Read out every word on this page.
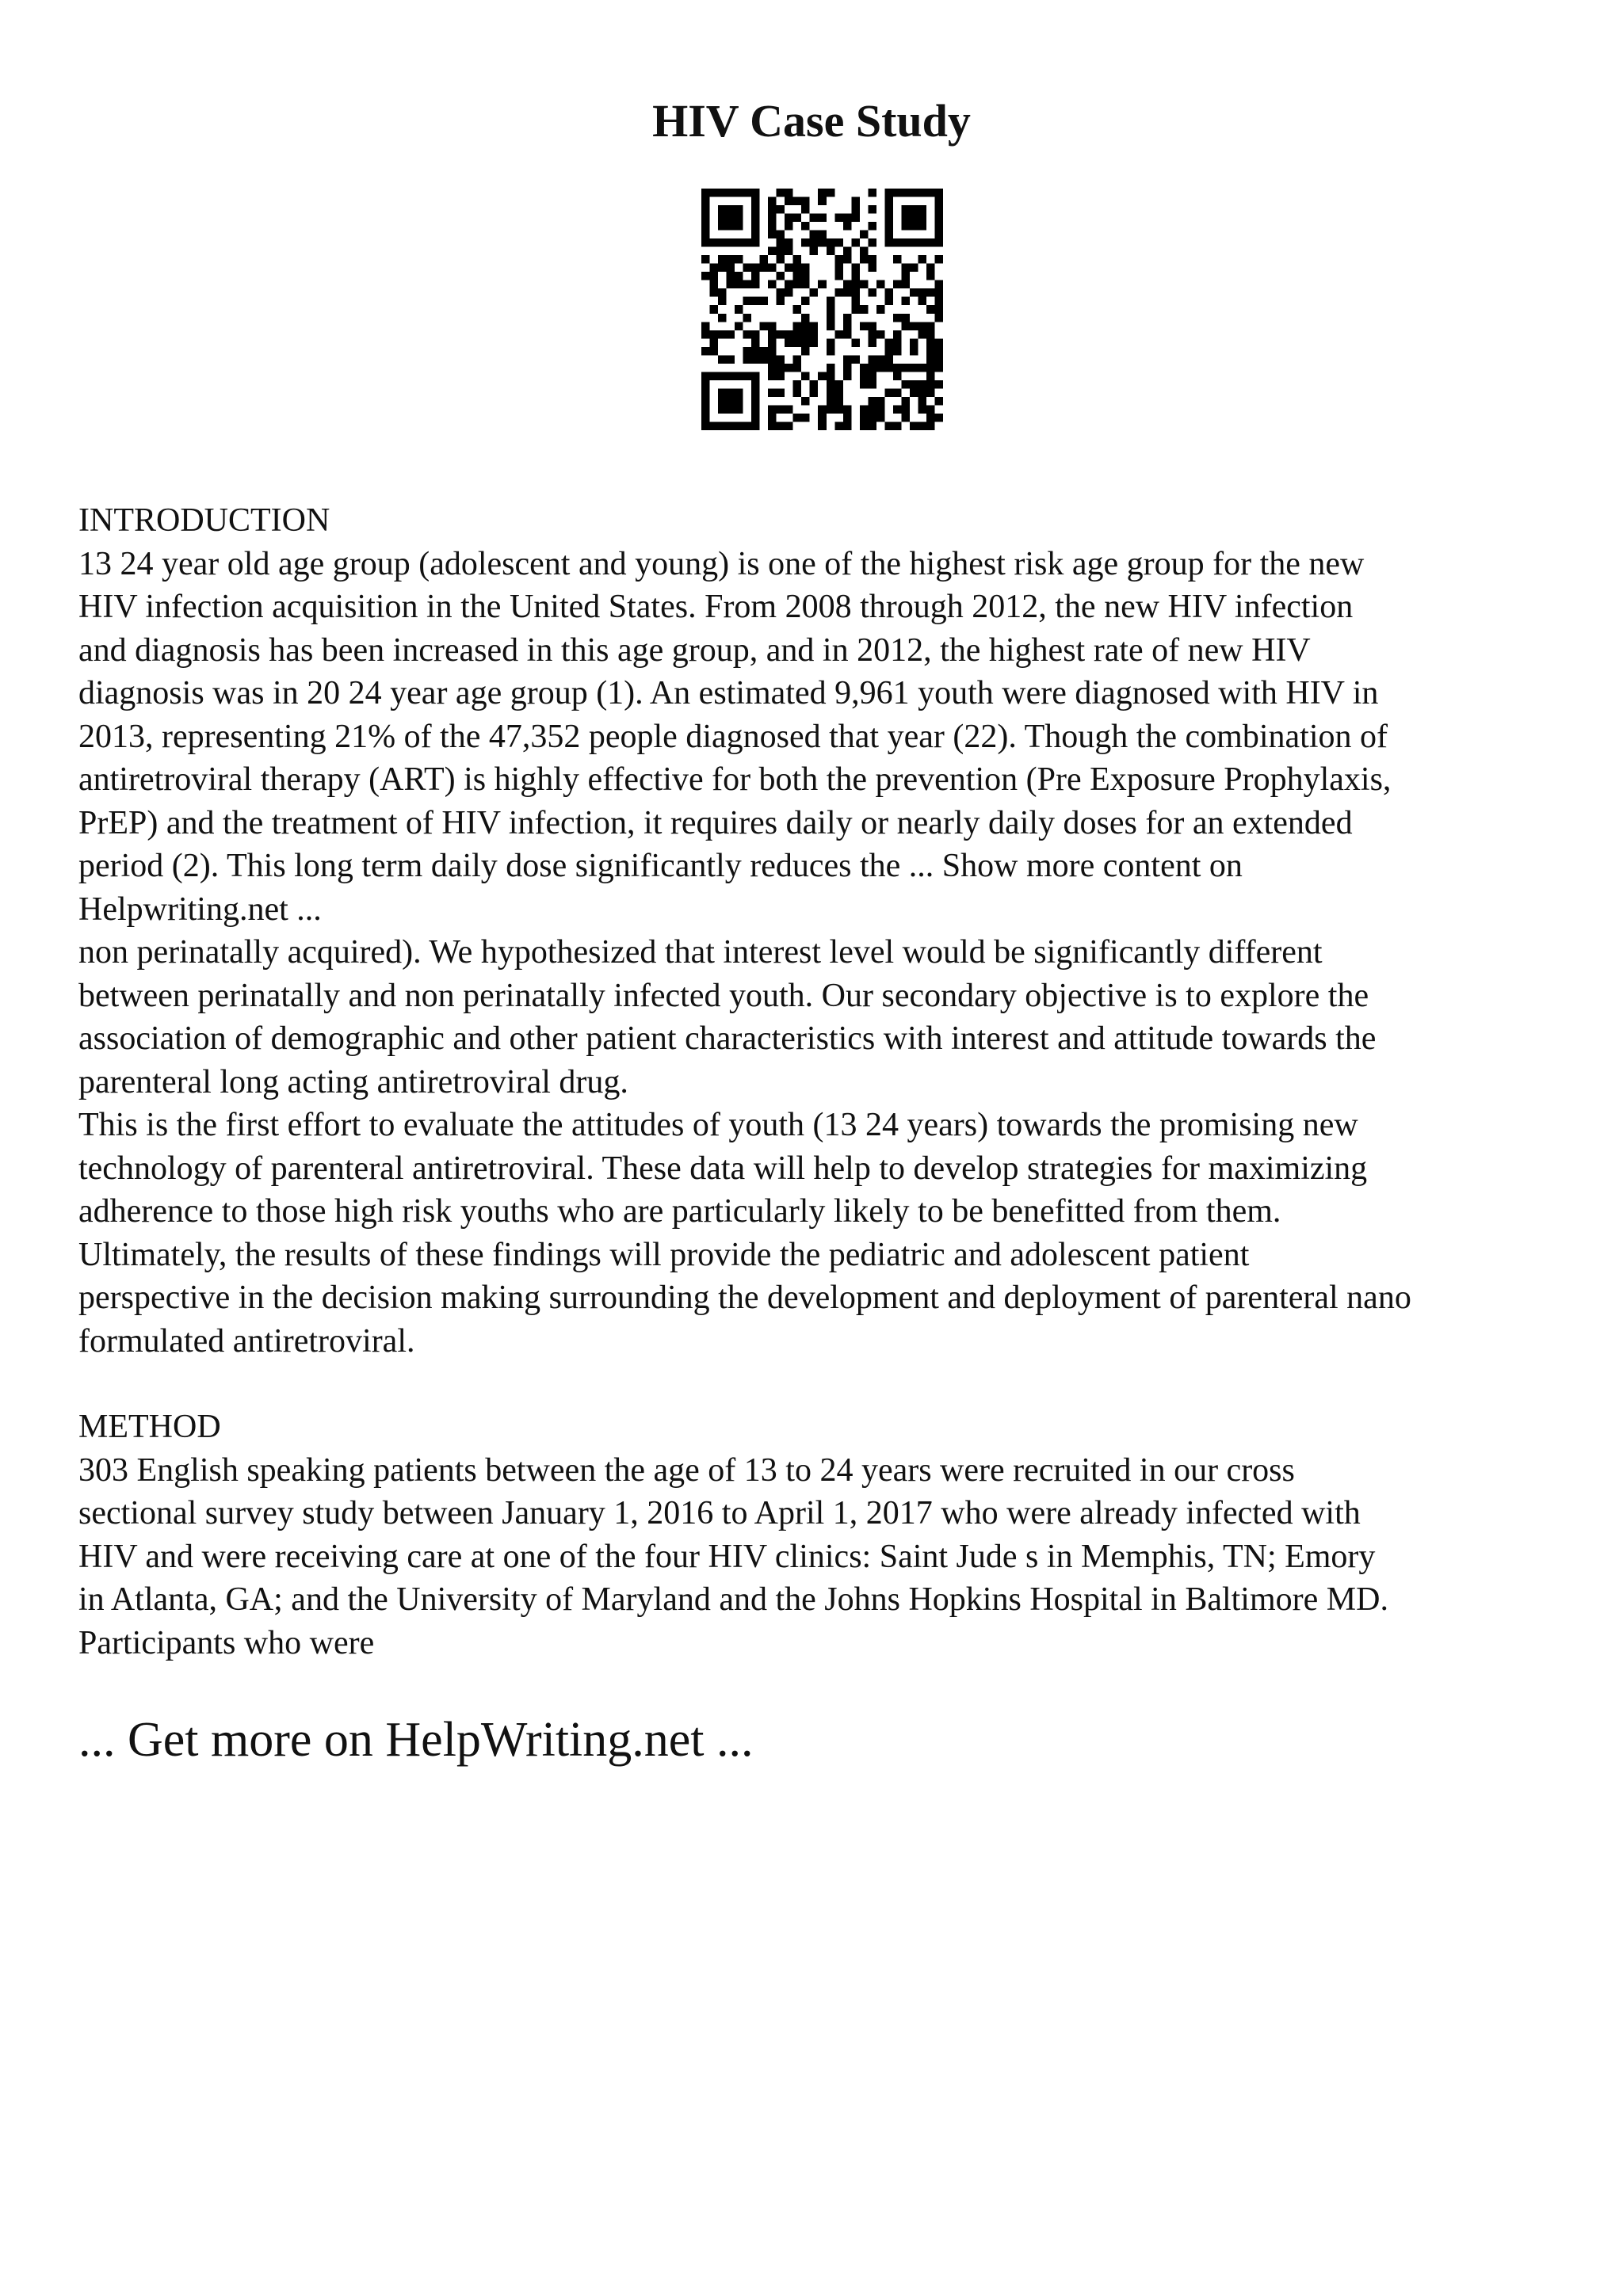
HIV Case Study
INTRODUCTION
13 24 year old age group (adolescent and young) is one of the highest risk age group for the new
HIV infection acquisition in the United States. From 2008 through 2012, the new HIV infection
and diagnosis has been increased in this age group, and in 2012, the highest rate of new HIV
diagnosis was in 20 24 year age group (1). An estimated 9,961 youth were diagnosed with HIV in
2013, representing 21% of the 47,352 people diagnosed that year (22). Though the combination of
antiretroviral therapy (ART) is highly effective for both the prevention (Pre Exposure Prophylaxis,
PrEP) and the treatment of HIV infection, it requires daily or nearly daily doses for an extended
period (2). This long term daily dose significantly reduces the ... Show more content on
Helpwriting.net ...
non perinatally acquired). We hypothesized that interest level would be significantly different
between perinatally and non perinatally infected youth. Our secondary objective is to explore the
association of demographic and other patient characteristics with interest and attitude towards the
parenteral long acting antiretroviral drug.
This is the first effort to evaluate the attitudes of youth (13 24 years) towards the promising new
technology of parenteral antiretroviral. These data will help to develop strategies for maximizing
adherence to those high risk youths who are particularly likely to be benefitted from them.
Ultimately, the results of these findings will provide the pediatric and adolescent patient
perspective in the decision making surrounding the development and deployment of parenteral nano
formulated antiretroviral.
METHOD
303 English speaking patients between the age of 13 to 24 years were recruited in our cross
sectional survey study between January 1, 2016 to April 1, 2017 who were already infected with
HIV and were receiving care at one of the four HIV clinics: Saint Jude s in Memphis, TN; Emory
in Atlanta, GA; and the University of Maryland and the Johns Hopkins Hospital in Baltimore MD.
Participants who were
... Get more on HelpWriting.net ...
